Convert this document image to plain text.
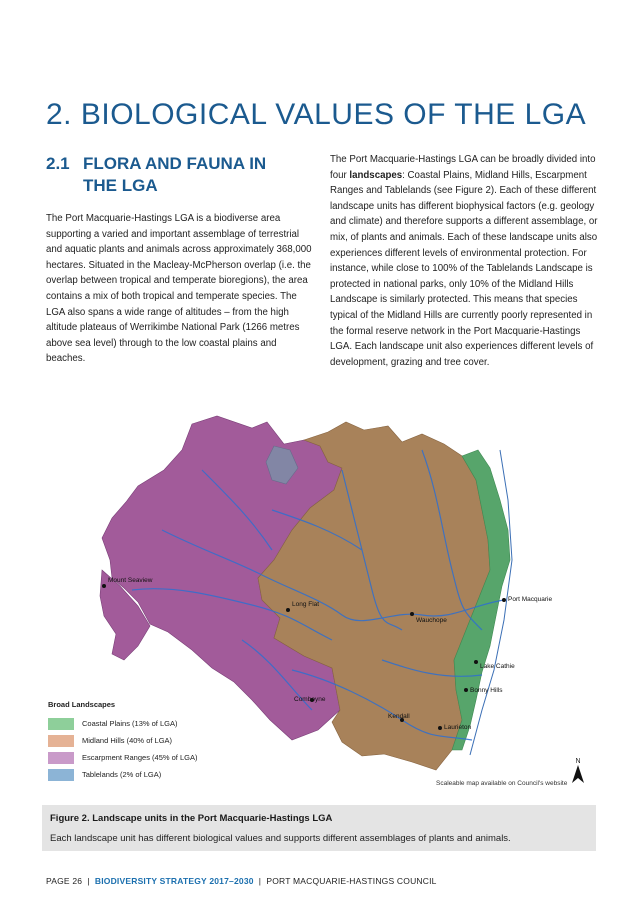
2. BIOLOGICAL VALUES OF THE LGA
2.1 FLORA AND FAUNA IN
THE LGA

The Port Macquarie-Hastings LGA is a biodiverse area supporting a varied and important assemblage of terrestrial and aquatic plants and animals across approximately 368,000 hectares. Situated in the Macleay-McPherson overlap (i.e. the overlap between tropical and temperate bioregions), the area contains a mix of both tropical and temperate species. The LGA also spans a wide range of altitudes – from the high altitude plateaus of Werrikimbe National Park (1266 metres above sea level) through to the low coastal plains and beaches.

The Port Macquarie-Hastings LGA can be broadly divided into four landscapes: Coastal Plains, Midland Hills, Escarpment Ranges and Tablelands (see Figure 2). Each of these different landscape units has different biophysical factors (e.g. geology and climate) and therefore supports a different assemblage, or mix, of plants and animals. Each of these landscape units also experiences different levels of environmental protection. For instance, while close to 100% of the Tablelands Landscape is protected in national parks, only 10% of the Midland Hills Landscape is similarly protected. This means that species typical of the Midland Hills are currently poorly represented in the formal reserve network in the Port Macquarie-Hastings LGA. Each landscape unit also experiences different levels of development, grazing and tree cover.

Mount Seaview
Long Flat
Wauchope
Port Macquarie
Lake Cathie
Bonny Hills
Comboyne
Kendall
Laurieton
Broad Landscapes
Coastal Plains (13% of LGA)
Midland Hills (40% of LGA)
Escarpment Ranges (45% of LGA)
Tablelands (2% of LGA)
Scaleable map available on Council's website
N
Figure 2. Landscape units in the Port Macquarie-Hastings LGA
Each landscape unit has different biological values and supports different assemblages of plants and animals.
PAGE 26  |  BIODIVERSITY STRATEGY 2017–2030  |  PORT MACQUARIE-HASTINGS COUNCIL
